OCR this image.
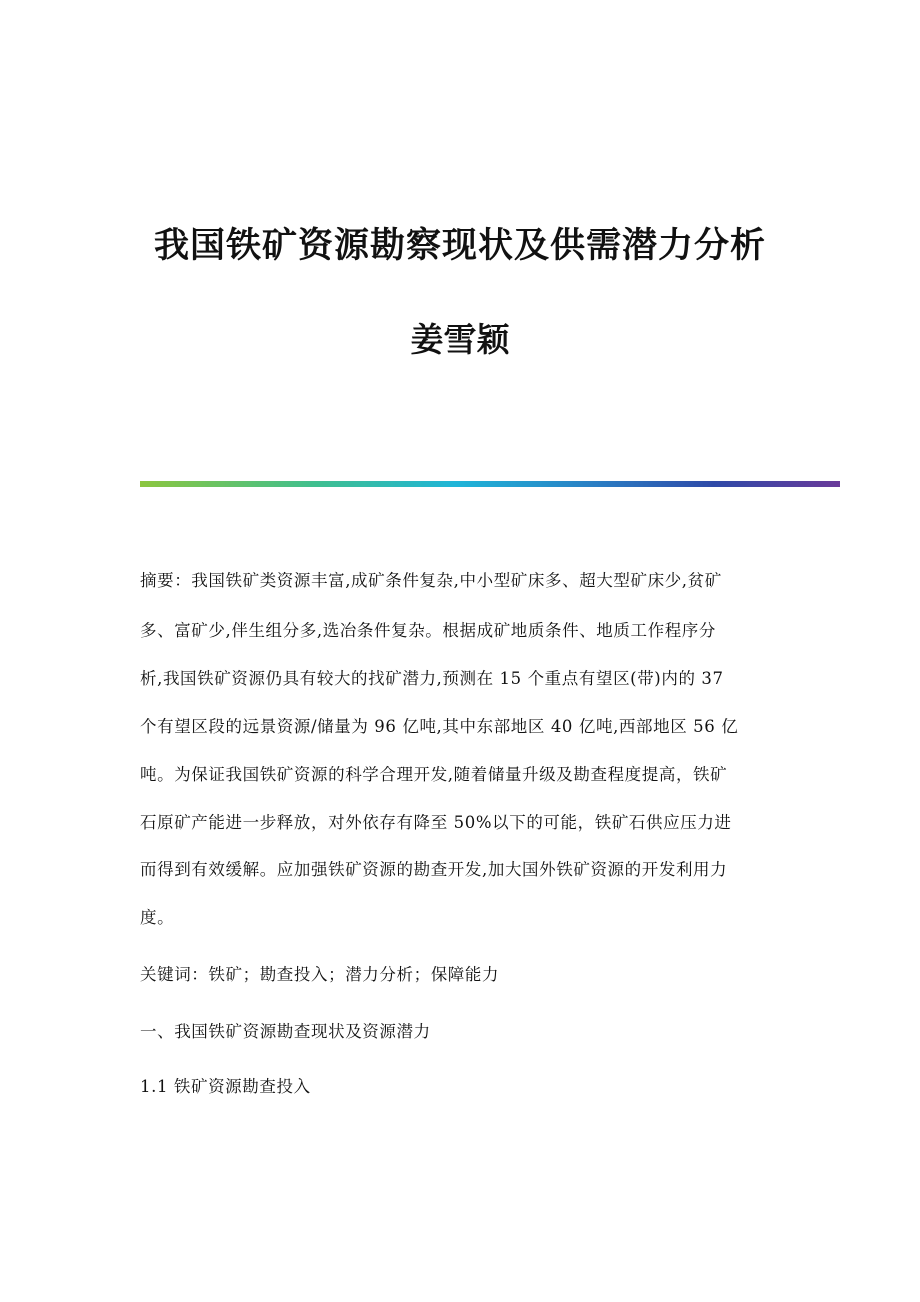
我国铁矿资源勘察现状及供需潜力分析
姜雪颖
摘要：我国铁矿类资源丰富,成矿条件复杂,中小型矿床多、超大型矿床少,贫矿
多、富矿少,伴生组分多,选冶条件复杂。根据成矿地质条件、地质工作程序分
析,我国铁矿资源仍具有较大的找矿潜力,预测在 15 个重点有望区(带)内的 37
个有望区段的远景资源/储量为 96 亿吨,其中东部地区 40 亿吨,西部地区 56 亿
吨。为保证我国铁矿资源的科学合理开发,随着储量升级及勘查程度提高，铁矿
石原矿产能进一步释放，对外依存有降至 50%以下的可能，铁矿石供应压力进
而得到有效缓解。应加强铁矿资源的勘查开发,加大国外铁矿资源的开发利用力
度。
关键词：铁矿；勘查投入；潜力分析；保障能力
一、我国铁矿资源勘查现状及资源潜力
1.1 铁矿资源勘查投入
